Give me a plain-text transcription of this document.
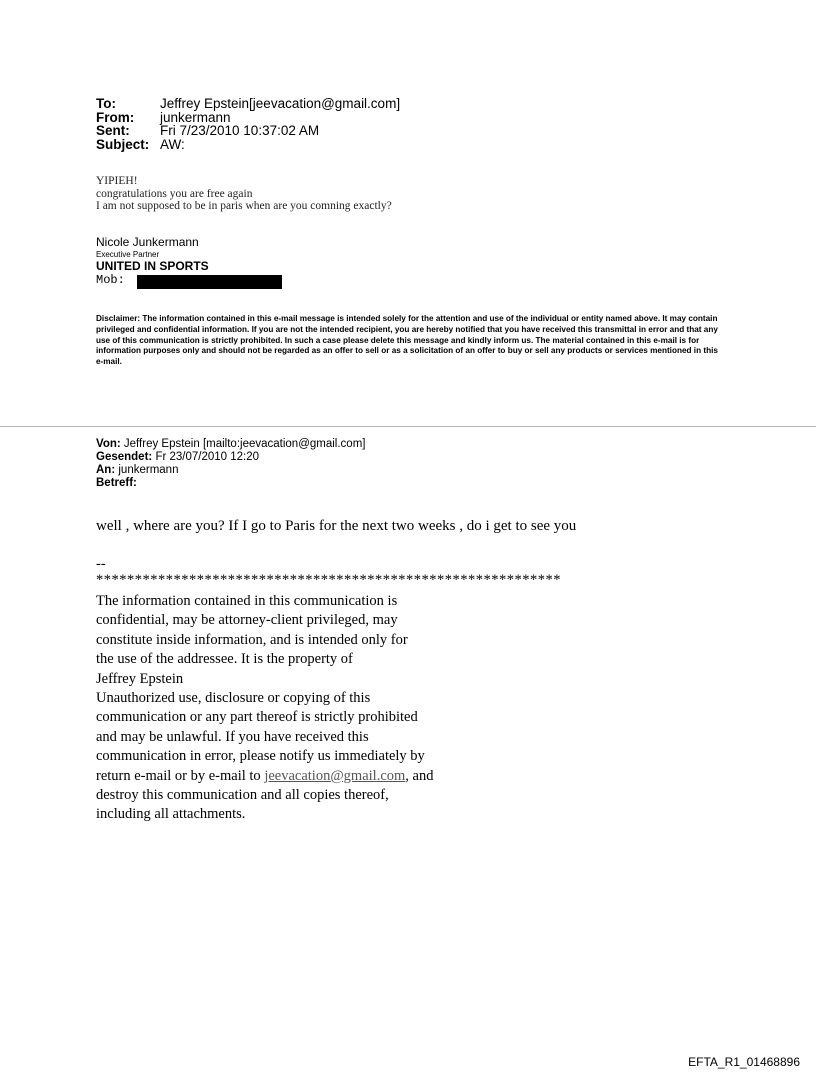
To:	Jeffrey Epstein[jeevacation@gmail.com]
From:	junkermann
Sent:	Fri 7/23/2010 10:37:02 AM
Subject: AW:
YIPIEH!
congratulations you are free again
I am not supposed to be in paris when are you comning exactly?
Nicole Junkermann
Executive Partner
UNITED IN SPORTS
Mob:
Disclaimer: The information contained in this e-mail message is intended solely for the attention and use of the individual or entity named above. It may contain privileged and confidential information. If you are not the intended recipient, you are hereby notified that you have received this transmittal in error and that any use of this communication is strictly prohibited. In such a case please delete this message and kindly inform us. The material contained in this e-mail is for information purposes only and should not be regarded as an offer to sell or as a solicitation of an offer to buy or sell any products or services mentioned in this e-mail.
Von: Jeffrey Epstein [mailto:jeevacation@gmail.com]
Gesendet: Fr 23/07/2010 12:20
An: junkermann
Betreff:
well , where are you? If I go to Paris for the next two weeks , do i get to see you
--
************************************************************
The information contained in this communication is
confidential, may be attorney-client privileged, may
constitute inside information, and is intended only for
the use of the addressee. It is the property of
Jeffrey Epstein
Unauthorized use, disclosure or copying of this
communication or any part thereof is strictly prohibited
and may be unlawful. If you have received this
communication in error, please notify us immediately by
return e-mail or by e-mail to jeevacation@gmail.com, and
destroy this communication and all copies thereof,
including all attachments.
EFTA_R1_01468896
